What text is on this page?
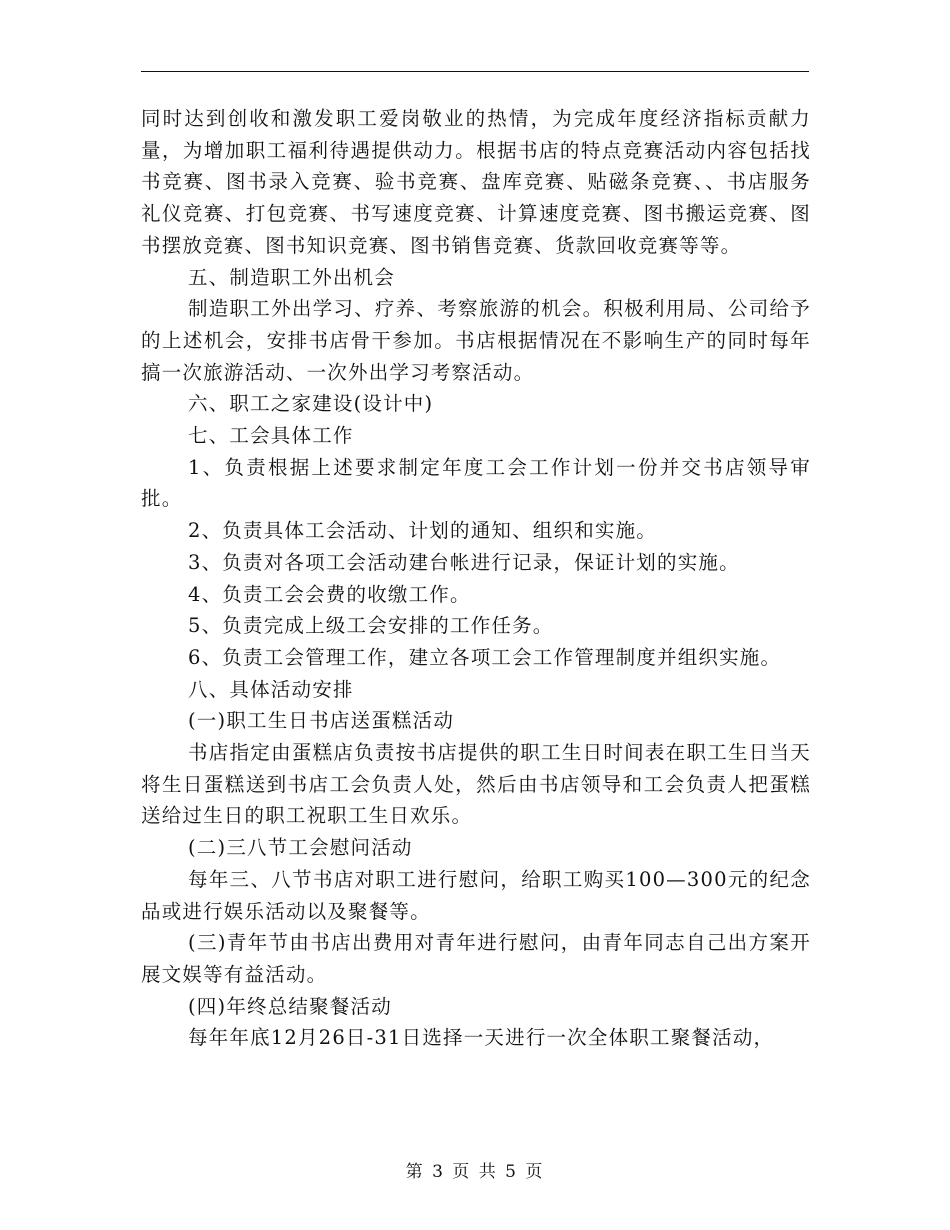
同时达到创收和激发职工爱岗敬业的热情，为完成年度经济指标贡献力量，为增加职工福利待遇提供动力。根据书店的特点竞赛活动内容包括找书竞赛、图书录入竞赛、验书竞赛、盘库竞赛、贴磁条竞赛、、书店服务礼仪竞赛、打包竞赛、书写速度竞赛、计算速度竞赛、图书搬运竞赛、图书摆放竞赛、图书知识竞赛、图书销售竞赛、货款回收竞赛等等。

五、制造职工外出机会

制造职工外出学习、疗养、考察旅游的机会。积极利用局、公司给予的上述机会，安排书店骨干参加。书店根据情况在不影响生产的同时每年搞一次旅游活动、一次外出学习考察活动。

六、职工之家建设(设计中)

七、工会具体工作

1、负责根据上述要求制定年度工会工作计划一份并交书店领导审批。

2、负责具体工会活动、计划的通知、组织和实施。

3、负责对各项工会活动建台帐进行记录，保证计划的实施。

4、负责工会会费的收缴工作。

5、负责完成上级工会安排的工作任务。

6、负责工会管理工作，建立各项工会工作管理制度并组织实施。

八、具体活动安排

(一)职工生日书店送蛋糕活动

书店指定由蛋糕店负责按书店提供的职工生日时间表在职工生日当天将生日蛋糕送到书店工会负责人处，然后由书店领导和工会负责人把蛋糕送给过生日的职工祝职工生日欢乐。

(二)三八节工会慰问活动

每年三、八节书店对职工进行慰问，给职工购买100—300元的纪念品或进行娱乐活动以及聚餐等。

(三)青年节由书店出费用对青年进行慰问，由青年同志自己出方案开展文娱等有益活动。

(四)年终总结聚餐活动

每年年底12月26日-31日选择一天进行一次全体职工聚餐活动，

第 3 页 共 5 页
